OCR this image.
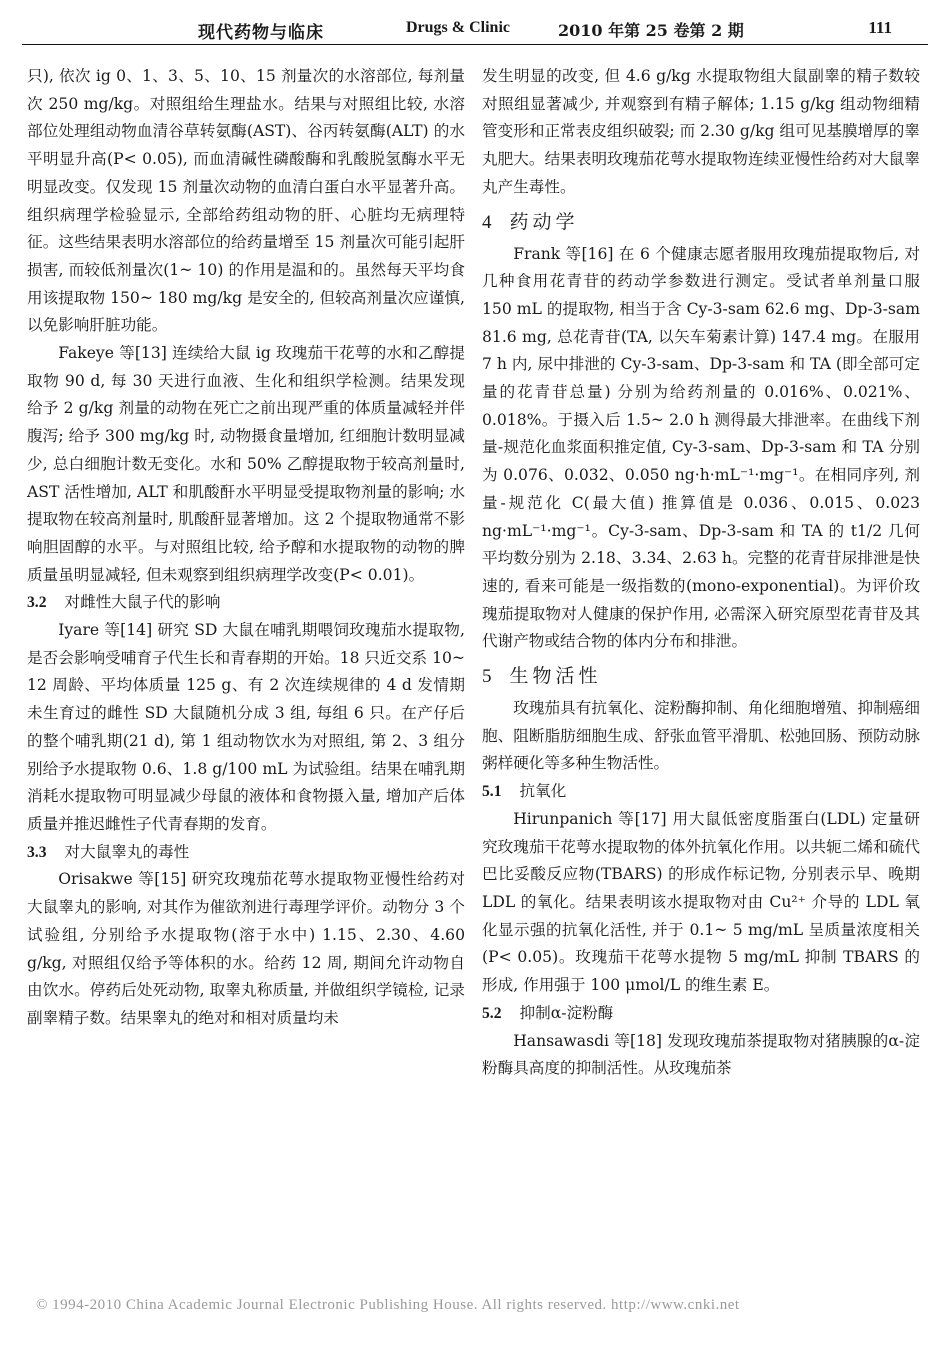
现代药物与临床	Drugs & Clinic	2010 年第 25 卷第 2 期	111

只), 依次 ig 0、1、3、5、10、15 剂量次的水溶部位, 每剂量次 250 mg/kg。对照组给生理盐水。结果与对照组比较, 水溶部位处理组动物血清谷草转氨酶(AST)、谷丙转氨酶(ALT) 的水平明显升高(P< 0.05), 而血清碱性磷酸酶和乳酸脱氢酶水平无明显改变。仅发现 15 剂量次动物的血清白蛋白水平显著升高。组织病理学检验显示, 全部给药组动物的肝、心脏均无病理特征。这些结果表明水溶部位的给药量增至 15 剂量次可能引起肝损害, 而较低剂量次(1~ 10) 的作用是温和的。虽然每天平均食用该提取物 150~ 180 mg/kg 是安全的, 但较高剂量次应谨慎, 以免影响肝脏功能。

Fakeye 等[13] 连续给大鼠 ig 玫瑰茄干花萼的水和乙醇提取物 90 d, 每 30 天进行血液、生化和组织学检测。结果发现给予 2 g/kg 剂量的动物在死亡之前出现严重的体质量减轻并伴腹泻; 给予 300 mg/kg 时, 动物摄食量增加, 红细胞计数明显减少, 总白细胞计数无变化。水和 50% 乙醇提取物于较高剂量时, AST 活性增加, ALT 和肌酸酐水平明显受提取物剂量的影响; 水提取物在较高剂量时, 肌酸酐显著增加。这 2 个提取物通常不影响胆固醇的水平。与对照组比较, 给予醇和水提取物的动物的脾质量虽明显减轻, 但未观察到组织病理学改变(P< 0.01)。

3.2 对雌性大鼠子代的影响

Iyare 等[14] 研究 SD 大鼠在哺乳期喂饲玫瑰茄水提取物, 是否会影响受哺育子代生长和青春期的开始。18 只近交系 10~ 12 周龄、平均体质量 125 g、有 2 次连续规律的 4 d 发情期未生育过的雌性 SD 大鼠随机分成 3 组, 每组 6 只。在产仔后的整个哺乳期(21 d), 第 1 组动物饮水为对照组, 第 2、3 组分别给予水提取物 0.6、1.8 g/100 mL 为试验组。结果在哺乳期消耗水提取物可明显减少母鼠的液体和食物摄入量, 增加产后体质量并推迟雌性子代青春期的发育。

3.3 对大鼠睾丸的毒性

Orisakwe 等[15] 研究玫瑰茄花萼水提取物亚慢性给药对大鼠睾丸的影响, 对其作为催欲剂进行毒理学评价。动物分 3 个试验组, 分别给予水提取物(溶于水中) 1.15、2.30、4.60 g/kg, 对照组仅给予等体积的水。给药 12 周, 期间允许动物自由饮水。停药后处死动物, 取睾丸称质量, 并做组织学镜检, 记录副睾精子数。结果睾丸的绝对和相对质量均未

发生明显的改变, 但 4.6 g/kg 水提取物组大鼠副睾的精子数较对照组显著减少, 并观察到有精子解体; 1.15 g/kg 组动物细精管变形和正常表皮组织破裂; 而 2.30 g/kg 组可见基膜增厚的睾丸肥大。结果表明玫瑰茄花萼水提取物连续亚慢性给药对大鼠睾丸产生毒性。

4 药动学

Frank 等[16] 在 6 个健康志愿者服用玫瑰茄提取物后, 对几种食用花青苷的药动学参数进行测定。受试者单剂量口服 150 mL 的提取物, 相当于含 Cy-3-sam 62.6 mg、Dp-3-sam 81.6 mg, 总花青苷(TA, 以矢车菊素计算) 147.4 mg。在服用 7 h 内, 尿中排泄的 Cy-3-sam、Dp-3-sam 和 TA (即全部可定量的花青苷总量) 分别为给药剂量的 0.016%、0.021%、0.018%。于摄入后 1.5~ 2.0 h 测得最大排泄率。在曲线下剂量-规范化血浆面积推定值, Cy-3-sam、Dp-3-sam 和 TA 分别为 0.076、0.032、0.050 ng·h·mL⁻¹·mg⁻¹。在相同序列, 剂量-规范化 C(最大值) 推算值是 0.036、0.015、0.023 ng·mL⁻¹·mg⁻¹。Cy-3-sam、Dp-3-sam 和 TA 的 t1/2 几何平均数分别为 2.18、3.34、2.63 h。完整的花青苷尿排泄是快速的, 看来可能是一级指数的(mono-exponential)。为评价玫瑰茄提取物对人健康的保护作用, 必需深入研究原型花青苷及其代谢产物或结合物的体内分布和排泄。

5 生物活性

玫瑰茄具有抗氧化、淀粉酶抑制、角化细胞增殖、抑制癌细胞、阻断脂肪细胞生成、舒张血管平滑肌、松弛回肠、预防动脉粥样硬化等多种生物活性。

5.1 抗氧化

Hirunpanich 等[17] 用大鼠低密度脂蛋白(LDL) 定量研究玫瑰茄干花萼水提取物的体外抗氧化作用。以共轭二烯和硫代巴比妥酸反应物(TBARS) 的形成作标记物, 分别表示早、晚期 LDL 的氧化。结果表明该水提取物对由 Cu²⁺ 介导的 LDL 氧化显示强的抗氧化活性, 并于 0.1~ 5 mg/mL 呈质量浓度相关(P< 0.05)。玫瑰茄干花萼水提物 5 mg/mL 抑制 TBARS 的形成, 作用强于 100 μmol/L 的维生素 E。

5.2 抑制α-淀粉酶

Hansawasdi 等[18] 发现玫瑰茄茶提取物对猪胰腺的α-淀粉酶具高度的抑制活性。从玫瑰茄茶

© 1994-2010 China Academic Journal Electronic Publishing House. All rights reserved. http://www.cnki.net
